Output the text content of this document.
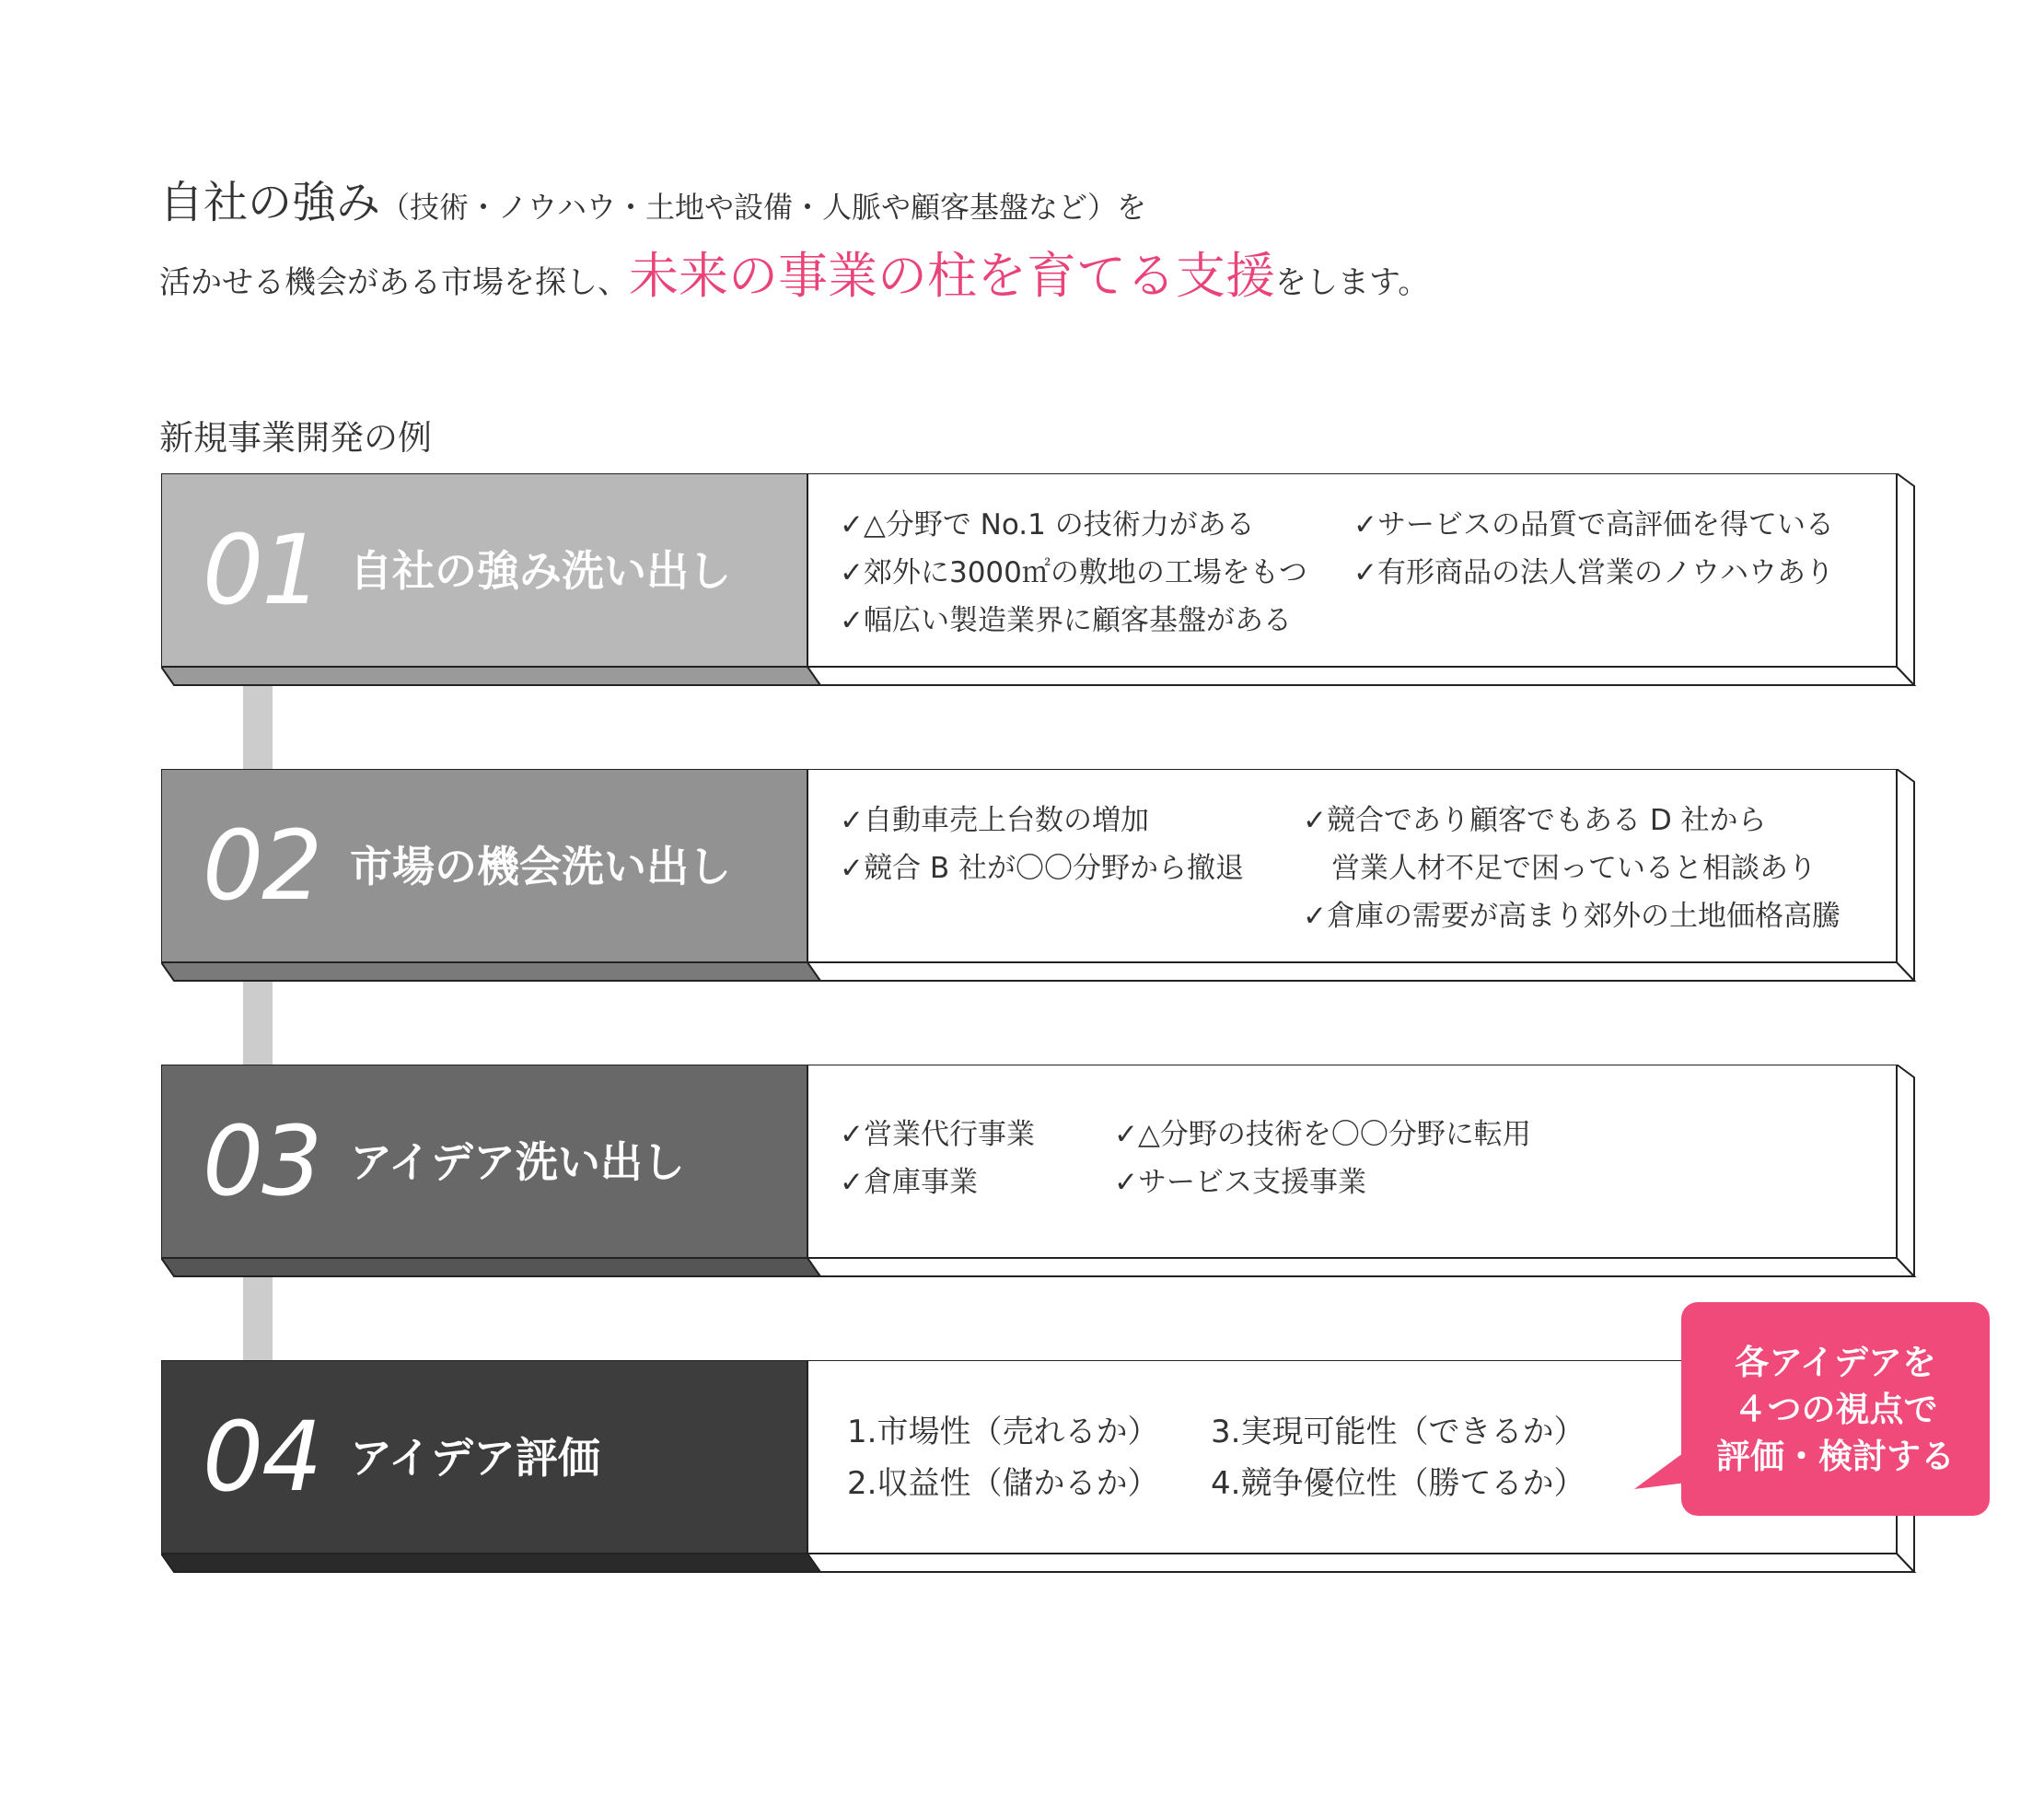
自社の強み（技術・ノウハウ・土地や設備・人脈や顧客基盤など）を
活かせる機会がある市場を探し、未来の事業の柱を育てる支援をします。
新規事業開発の例
01 自社の強み洗い出し
✓△分野で No.1 の技術力がある
✓郊外に3000㎡の敷地の工場をもつ
✓幅広い製造業界に顧客基盤がある
✓サービスの品質で高評価を得ている
✓有形商品の法人営業のノウハウあり
02 市場の機会洗い出し
✓自動車売上台数の増加
✓競合 B 社が〇〇分野から撤退
✓競合であり顧客でもある D 社から
　営業人材不足で困っていると相談あり
✓倉庫の需要が高まり郊外の土地価格高騰
03 アイデア洗い出し
✓営業代行事業
✓倉庫事業
✓△分野の技術を〇〇分野に転用
✓サービス支援事業
04 アイデア評価
1.市場性（売れるか）
2.収益性（儲かるか）
3.実現可能性（できるか）
4.競争優位性（勝てるか）
各アイデアを
４つの視点で
評価・検討する
